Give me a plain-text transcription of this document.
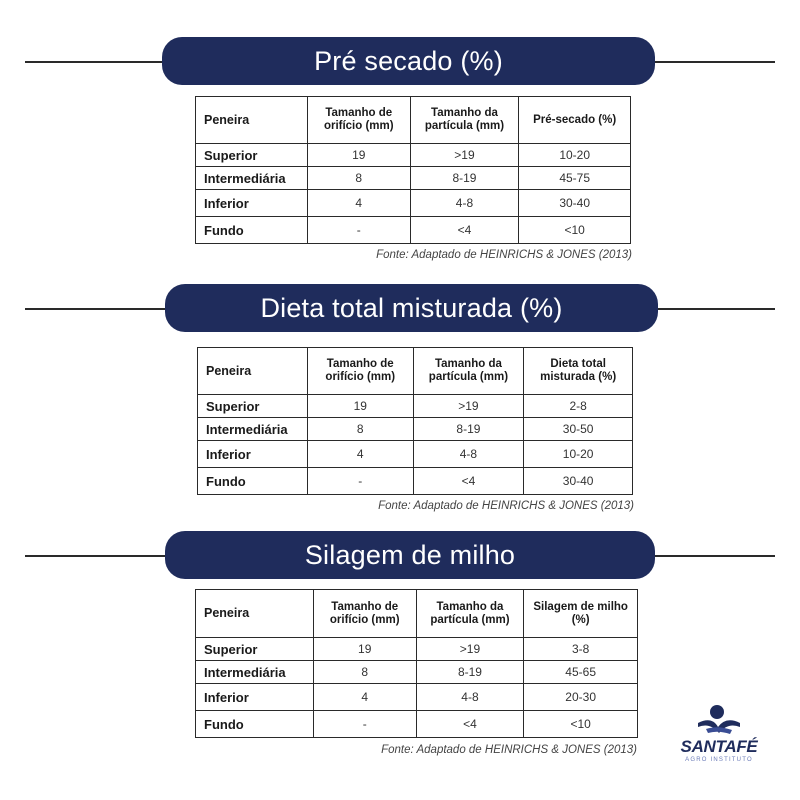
Pré secado (%)
Peneira	Tamanho de orifício (mm)	Tamanho da partícula (mm)	Pré-secado (%)
Superior	19	>19	10-20
Intermediária	8	8-19	45-75
Inferior	4	4-8	30-40
Fundo	-	<4	<10
Fonte: Adaptado de HEINRICHS & JONES (2013)
Dieta total misturada (%)
Peneira	Tamanho de orifício (mm)	Tamanho da partícula (mm)	Dieta total misturada (%)
Superior	19	>19	2-8
Intermediária	8	8-19	30-50
Inferior	4	4-8	10-20
Fundo	-	<4	30-40
Fonte: Adaptado de HEINRICHS & JONES (2013)
Silagem de milho
Peneira	Tamanho de orifício (mm)	Tamanho da partícula (mm)	Silagem de milho (%)
Superior	19	>19	3-8
Intermediária	8	8-19	45-65
Inferior	4	4-8	20-30
Fundo	-	<4	<10
Fonte: Adaptado de HEINRICHS & JONES (2013)	SANTAFÉ
AGRO INSTITUTO
